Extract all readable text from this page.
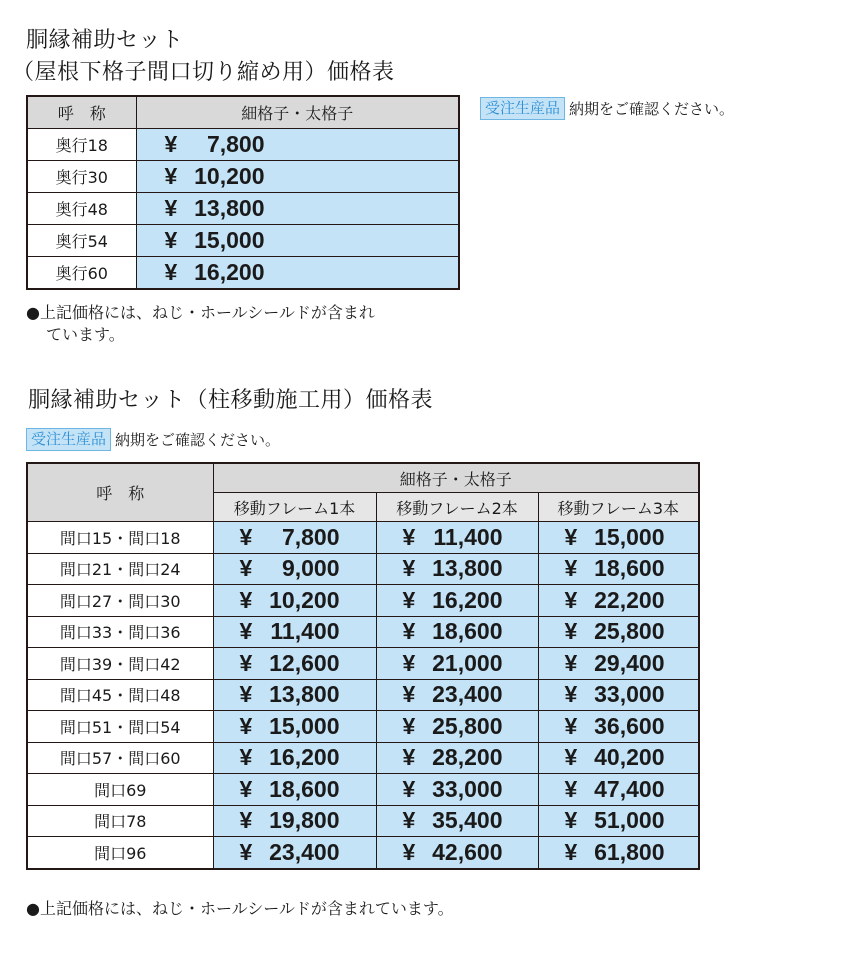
胴縁補助セット
（屋根下格子間口切り縮め用）価格表
受注生産品 納期をご確認ください。
呼　称	細格子・太格子
奥行18	¥ 7,800
奥行30	¥ 10,200
奥行48	¥ 13,800
奥行54	¥ 15,000
奥行60	¥ 16,200
●上記価格には、ねじ・ホールシールドが含まれ
ています。
胴縁補助セット（柱移動施工用）価格表
受注生産品 納期をご確認ください。
呼　称	細格子・太格子		
	移動フレーム1本	移動フレーム2本	移動フレーム3本
間口15・間口18	¥ 7,800	¥ 11,400	¥ 15,000
間口21・間口24	¥ 9,000	¥ 13,800	¥ 18,600
間口27・間口30	¥ 10,200	¥ 16,200	¥ 22,200
間口33・間口36	¥ 11,400	¥ 18,600	¥ 25,800
間口39・間口42	¥ 12,600	¥ 21,000	¥ 29,400
間口45・間口48	¥ 13,800	¥ 23,400	¥ 33,000
間口51・間口54	¥ 15,000	¥ 25,800	¥ 36,600
間口57・間口60	¥ 16,200	¥ 28,200	¥ 40,200
間口69	¥ 18,600	¥ 33,000	¥ 47,400
間口78	¥ 19,800	¥ 35,400	¥ 51,000
間口96	¥ 23,400	¥ 42,600	¥ 61,800
●上記価格には、ねじ・ホールシールドが含まれています。
